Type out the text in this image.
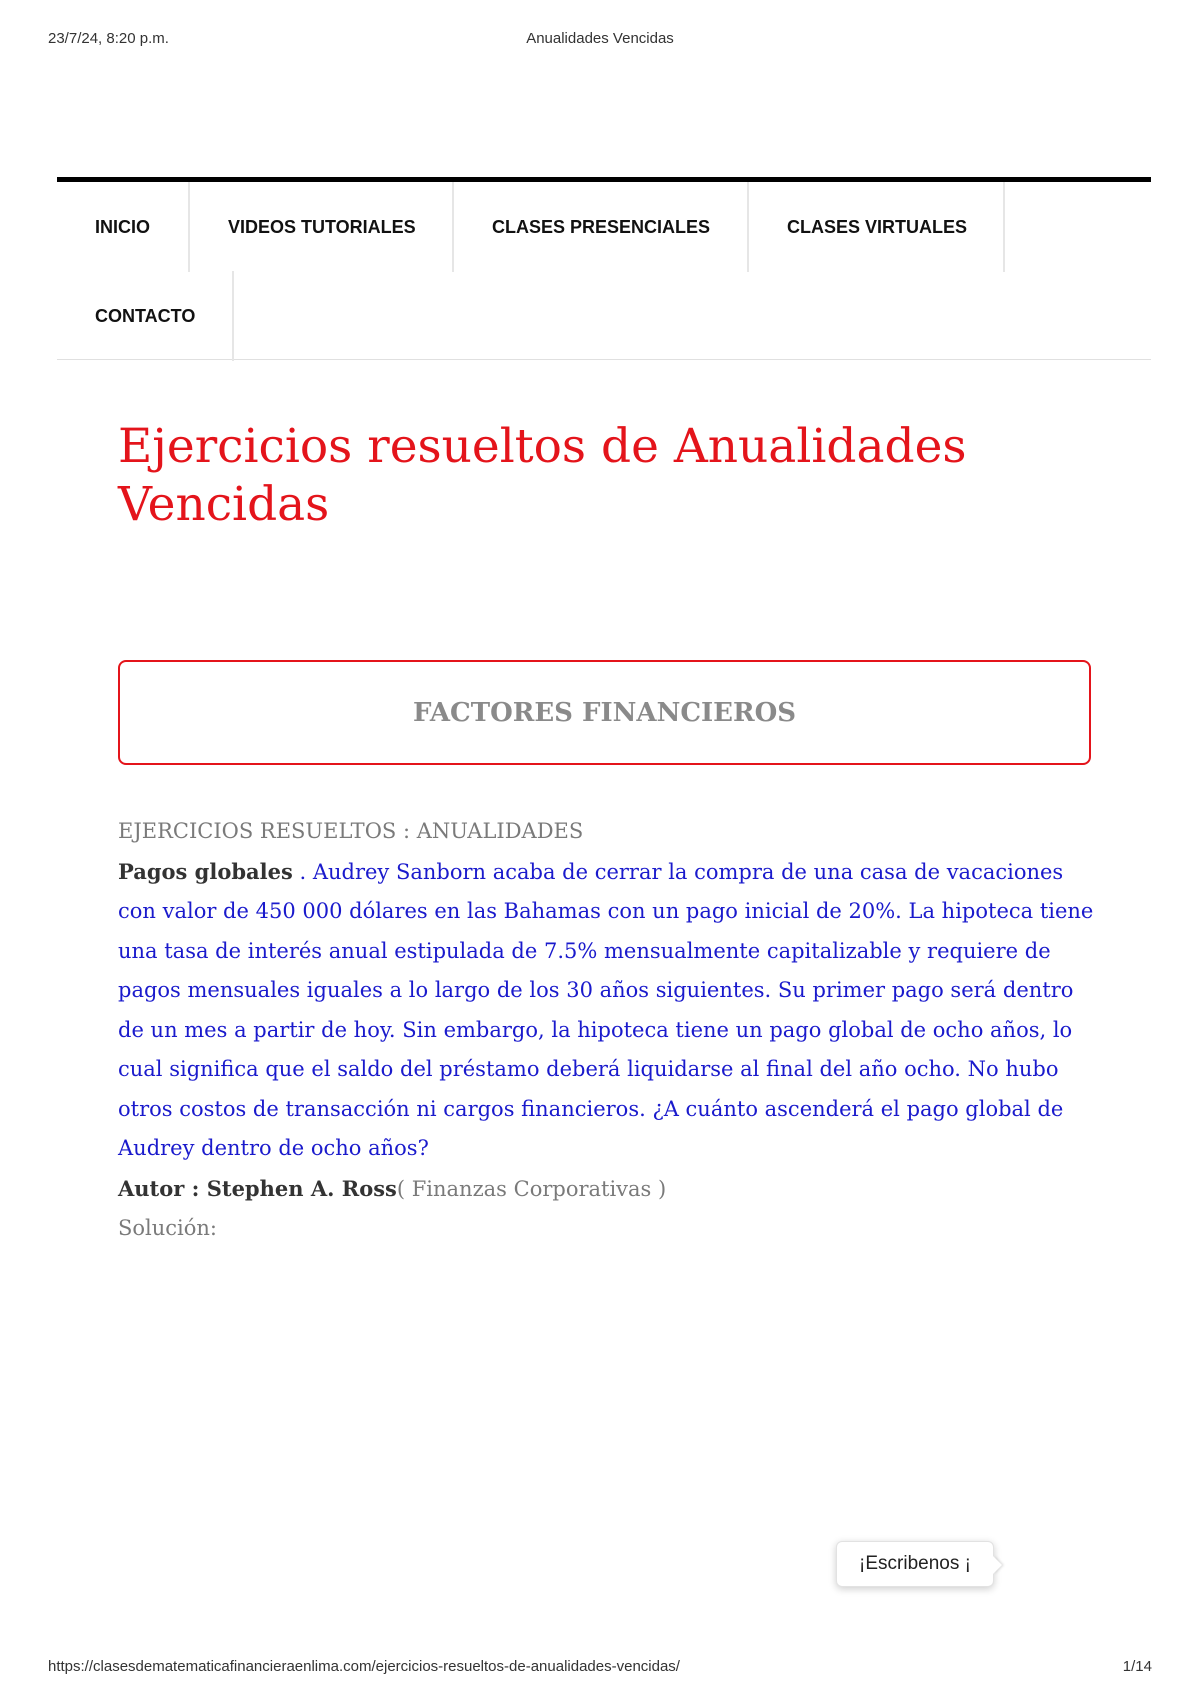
23/7/24, 8:20 p.m.	Anualidades Vencidas
INICIO	VIDEOS TUTORIALES	CLASES PRESENCIALES	CLASES VIRTUALES
CONTACTO
Ejercicios resueltos de Anualidades Vencidas
FACTORES FINANCIEROS
EJERCICIOS RESUELTOS : ANUALIDADES
Pagos globales . Audrey Sanborn acaba de cerrar la compra de una casa de vacaciones con valor de 450 000 dólares en las Bahamas con un pago inicial de 20%. La hipoteca tiene una tasa de interés anual estipulada de 7.5% mensualmente capitalizable y requiere de pagos mensuales iguales a lo largo de los 30 años siguientes. Su primer pago será dentro de un mes a partir de hoy. Sin embargo, la hipoteca tiene un pago global de ocho años, lo cual significa que el saldo del préstamo deberá liquidarse al final del año ocho. No hubo otros costos de transacción ni cargos financieros. ¿A cuánto ascenderá el pago global de Audrey dentro de ocho años?
Autor : Stephen A. Ross( Finanzas Corporativas )
Solución:
¡Escribenos ¡
https://clasesdematematicafinancieraenlima.com/ejercicios-resueltos-de-anualidades-vencidas/	1/14
